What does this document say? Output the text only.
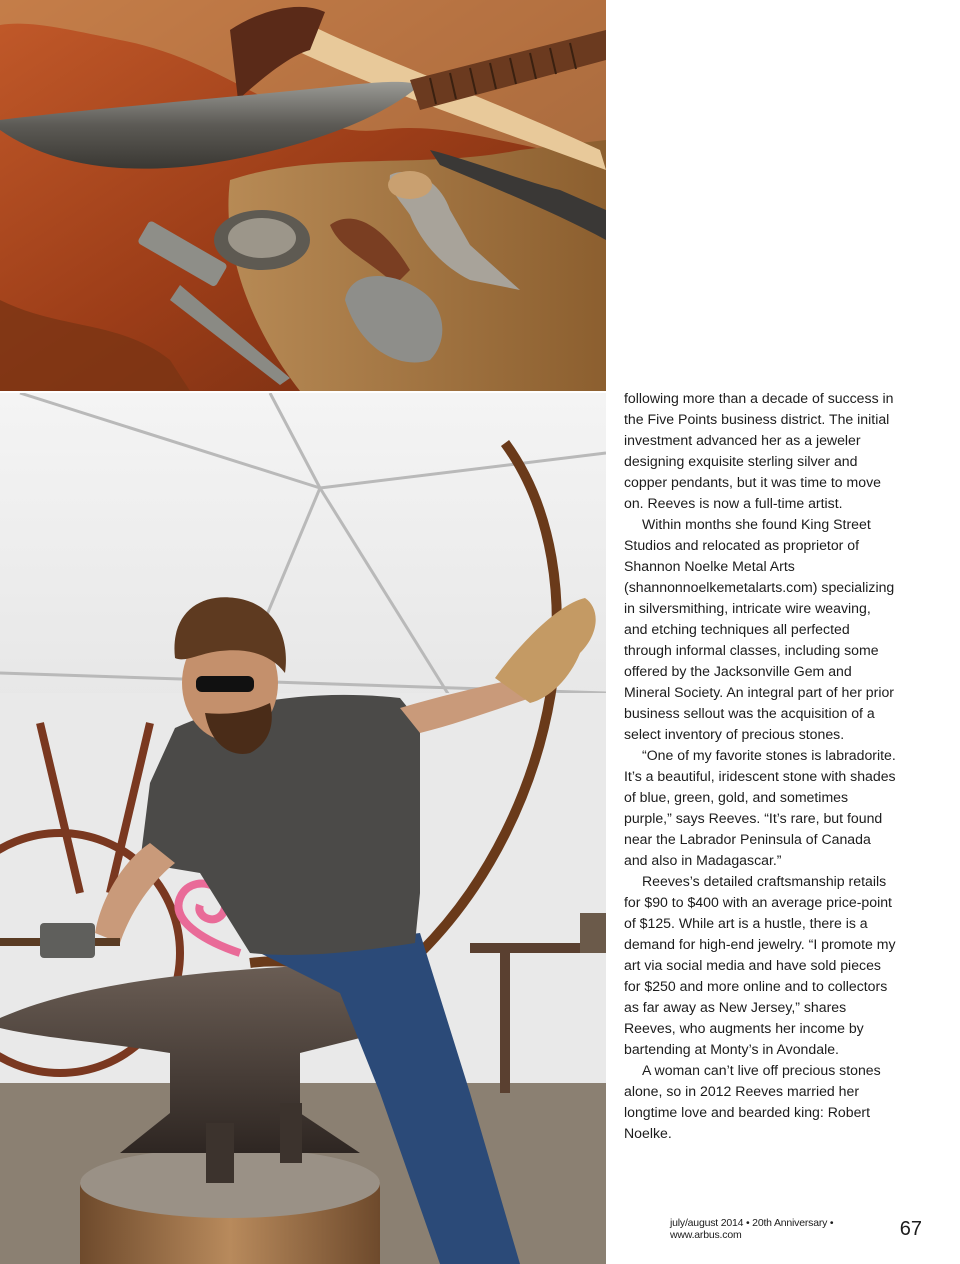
following more than a decade of success in the Five Points business district. The initial investment advanced her as a jeweler designing exquisite sterling silver and copper pendants, but it was time to move on. Reeves is now a full-time artist.

Within months she found King Street Studios and relocated as proprietor of Shannon Noelke Metal Arts (shannonnoelkemetalarts.com) specializing in silversmithing, intricate wire weaving, and etching techniques all perfected through informal classes, including some offered by the Jacksonville Gem and Mineral Society. An integral part of her prior business sellout was the acquisition of a select inventory of precious stones.

“One of my favorite stones is labradorite. It’s a beautiful, iridescent stone with shades of blue, green, gold, and sometimes purple,” says Reeves. “It’s rare, but found near the Labrador Peninsula of Canada and also in Madagascar.”

Reeves’s detailed craftsmanship retails for $90 to $400 with an average price-point of $125. While art is a hustle, there is a demand for high-end jewelry. “I promote my art via social media and have sold pieces for $250 and more online and to collectors as far away as New Jersey,” shares Reeves, who augments her income by bartending at Monty’s in Avondale.

A woman can’t live off precious stones alone, so in 2012 Reeves married her longtime love and bearded king: Robert Noelke.

july/august 2014 • 20th Anniversary • www.arbus.com	67
